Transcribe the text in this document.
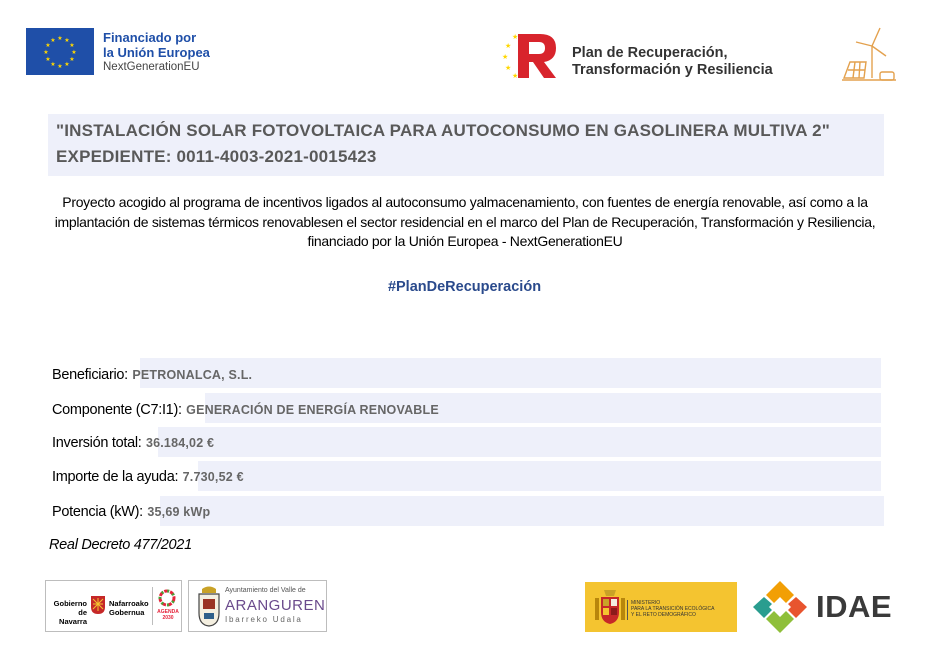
★ ★
★
★
★
★
★
★
★
★
★
★	Financiado por
la Unión Europea
NextGenerationEU
★
★
★
★
★
Plan de Recuperación,
Transformación y Resiliencia
"INSTALACIÓN SOLAR FOTOVOLTAICA PARA AUTOCONSUMO EN GASOLINERA MULTIVA 2" EXPEDIENTE: 0011-4003-2021-0015423
Proyecto acogido al programa de incentivos ligados al autoconsumo yalmacenamiento, con fuentes de energía renovable, así como a la implantación de sistemas térmicos renovablesen el sector residencial en el marco del Plan de Recuperación, Transformación y Resiliencia, financiado por la Unión Europea - NextGenerationEU
#PlanDeRecuperación
Beneficiario: PETRONALCA, S.L.
Componente (C7:I1): GENERACIÓN DE ENERGÍA RENOVABLE
Inversión total: 36.184,02 €
Importe de la ayuda: 7.730,52 €
Potencia (kW): 35,69 kWp
Real Decreto 477/2021
Gobierno de Navarra
Nafarroako Gobernua	AGENDA 2030
Ayuntamiento del Valle de
ARANGUREN
Ibarreko Udala
MINISTERIO
PARA LA TRANSICIÓN ECOLÓGICA
Y EL RETO DEMOGRÁFICO	IDAE
